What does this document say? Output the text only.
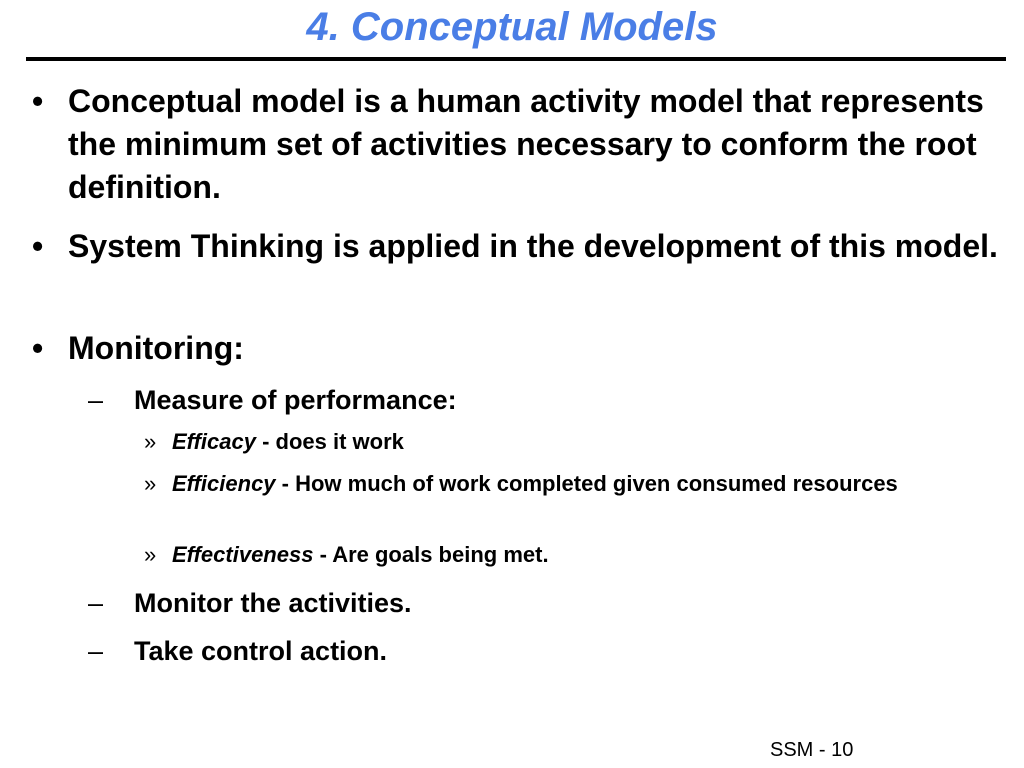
4. Conceptual Models
• Conceptual model is a human activity model that represents the minimum set of activities necessary to conform the root definition.
• System Thinking is applied in the development of this model.
• Monitoring:
– Measure of performance:
» Efficacy - does it work
» Efficiency - How much of work completed given consumed resources
» Effectiveness - Are goals being met.
– Monitor the activities.
– Take control action.
SSM - 10
